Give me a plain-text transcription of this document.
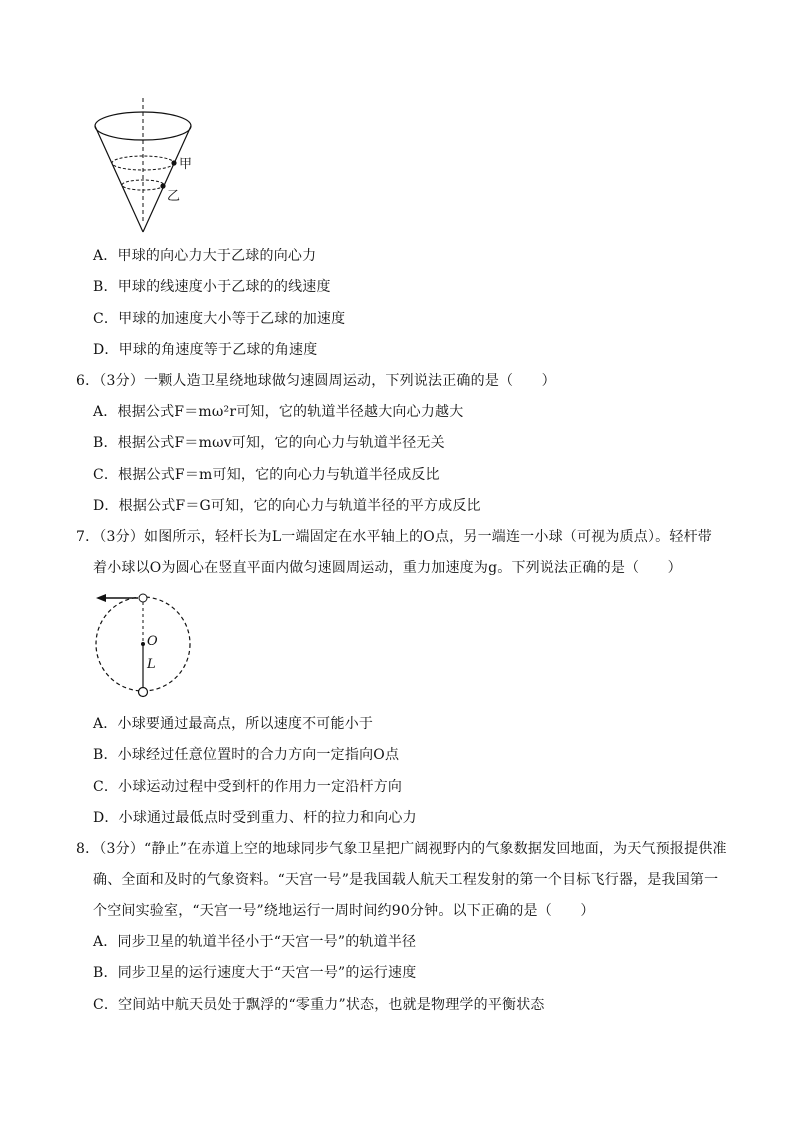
甲
乙
A．甲球的向心力大于乙球的向心力
B．甲球的线速度小于乙球的的线速度
C．甲球的加速度大小等于乙球的加速度
D．甲球的角速度等于乙球的角速度
6．（3分）一颗人造卫星绕地球做匀速圆周运动，下列说法正确的是（　　）
A．根据公式F＝mω²r可知，它的轨道半径越大向心力越大
B．根据公式F＝mωv可知，它的向心力与轨道半径无关
C．根据公式F＝m可知，它的向心力与轨道半径成反比
D．根据公式F＝G可知，它的向心力与轨道半径的平方成反比
7．（3分）如图所示，轻杆长为L一端固定在水平轴上的O点，另一端连一小球（可视为质点）。轻杆带
着小球以O为圆心在竖直平面内做匀速圆周运动，重力加速度为g。下列说法正确的是（　　）
O
L
A．小球要通过最高点，所以速度不可能小于
B．小球经过任意位置时的合力方向一定指向O点
C．小球运动过程中受到杆的作用力一定沿杆方向
D．小球通过最低点时受到重力、杆的拉力和向心力
8．（3分）“静止”在赤道上空的地球同步气象卫星把广阔视野内的气象数据发回地面，为天气预报提供准
确、全面和及时的气象资料。“天宫一号”是我国载人航天工程发射的第一个目标飞行器，是我国第一
个空间实验室，“天宫一号”绕地运行一周时间约90分钟。以下正确的是（　　）
A．同步卫星的轨道半径小于“天宫一号”的轨道半径
B．同步卫星的运行速度大于“天宫一号”的运行速度
C．空间站中航天员处于飘浮的“零重力”状态，也就是物理学的平衡状态
